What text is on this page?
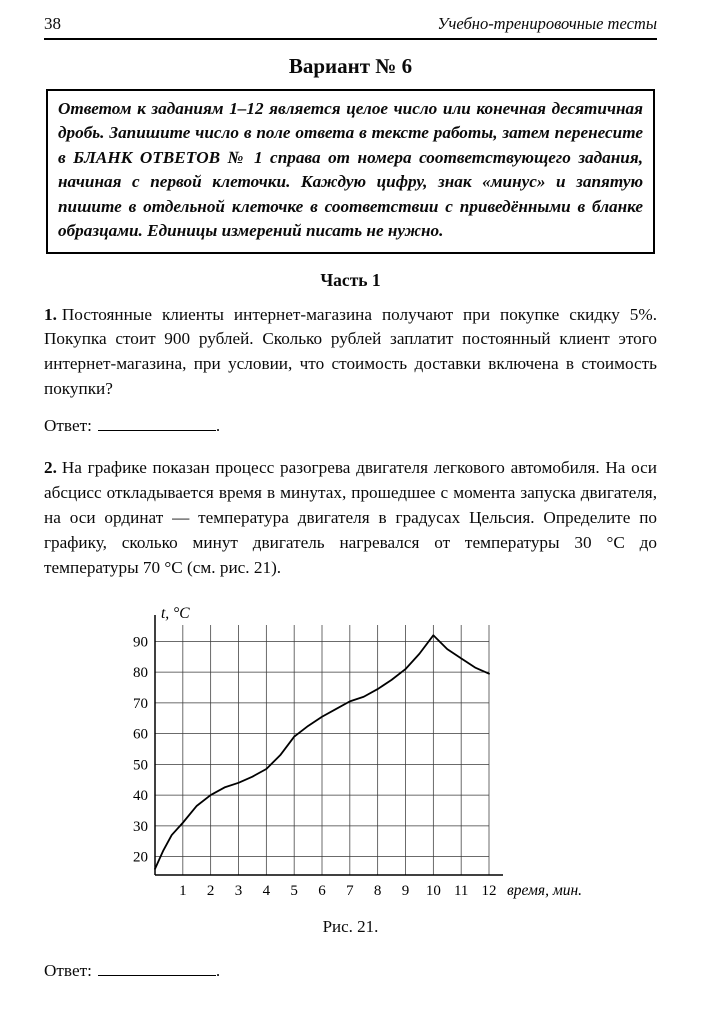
38	Учебно-тренировочные тесты
Вариант № 6
Ответом к заданиям 1–12 является целое число или конечная десятичная дробь. Запишите число в поле ответа в тексте работы, затем перенесите в БЛАНК ОТВЕТОВ № 1 справа от номера соответствующего задания, начиная с первой клеточки. Каждую цифру, знак «минус» и запятую пишите в отдельной клеточке в соответствии с приведёнными в бланке образцами. Единицы измерений писать не нужно.
Часть 1

1. Постоянные клиенты интернет-магазина получают при покупке скидку 5%. Покупка стоит 900 рублей. Сколько рублей заплатит постоянный клиент этого интернет-магазина, при условии, что стоимость доставки включена в стоимость покупки?

Ответ:	.

2. На графике показан процесс разогрева двигателя легкового автомобиля. На оси абсцисс откладывается время в минутах, прошедшее с момента запуска двигателя, на оси ординат — температура двигателя в градусах Цельсия. Определите по графику, сколько минут двигатель нагревался от температуры 30 °C до температуры 70 °C (см. рис. 21).

1 2 3 4 5 6 7 8 9 10 11 12
20
30
40
50
60
70
80
90
t, °C
время, мин.
Рис. 21.

Ответ:	.
